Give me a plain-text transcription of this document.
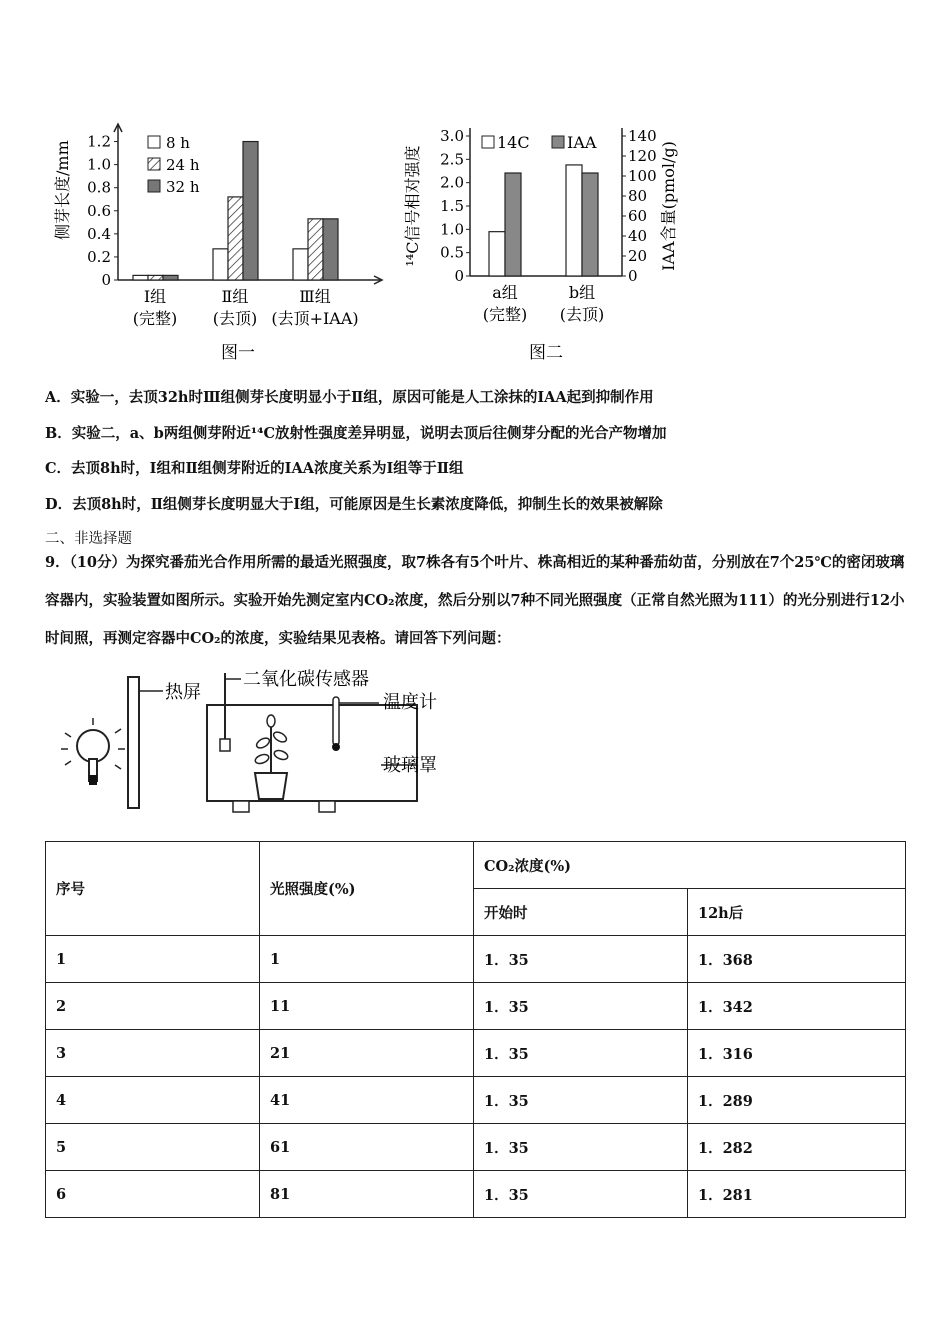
0
0.2
0.4
0.6
0.8
1.0
1.2	8 h
24 h
32 h
侧芽长度/mm
Ⅰ组
(完整)
Ⅱ组
(去顶)
Ⅲ组
(去顶+IAA)
图一
0
0.5
1.0
1.5
2.0
2.5
3.0
0
20
40
60
80
100
120
140
14C IAA
¹⁴C信号相对强度	IAA含量(pmol/g)
a组
(完整)
b组
(去顶)
图二
A．实验一，去顶32h时Ⅲ组侧芽长度明显小于Ⅱ组，原因可能是人工涂抹的IAA起到抑制作用
B．实验二，a、b两组侧芽附近¹⁴C放射性强度差异明显，说明去顶后往侧芽分配的光合产物增加
C．去顶8h时，Ⅰ组和Ⅱ组侧芽附近的IAA浓度关系为Ⅰ组等于Ⅱ组
D．去顶8h时，Ⅱ组侧芽长度明显大于Ⅰ组，可能原因是生长素浓度降低，抑制生长的效果被解除
二、非选择题
9．（10分）为探究番茄光合作用所需的最适光照强度，取7株各有5个叶片、株高相近的某种番茄幼苗，分别放在7个25℃的密闭玻璃容器内，实验装置如图所示。实验开始先测定室内CO₂浓度，然后分别以7种不同光照强度（正常自然光照为111）的光分别进行12小时间照，再测定容器中CO₂的浓度，实验结果见表格。请回答下列问题：
热屏
二氧化碳传感器
温度计
玻璃罩
序号	光照强度(%)	CO₂浓度(%)	
		开始时	12h后
1	1	1．35	1．368
2	11	1．35	1．342
3	21	1．35	1．316
4	41	1．35	1．289
5	61	1．35	1．282
6	81	1．35	1．281
